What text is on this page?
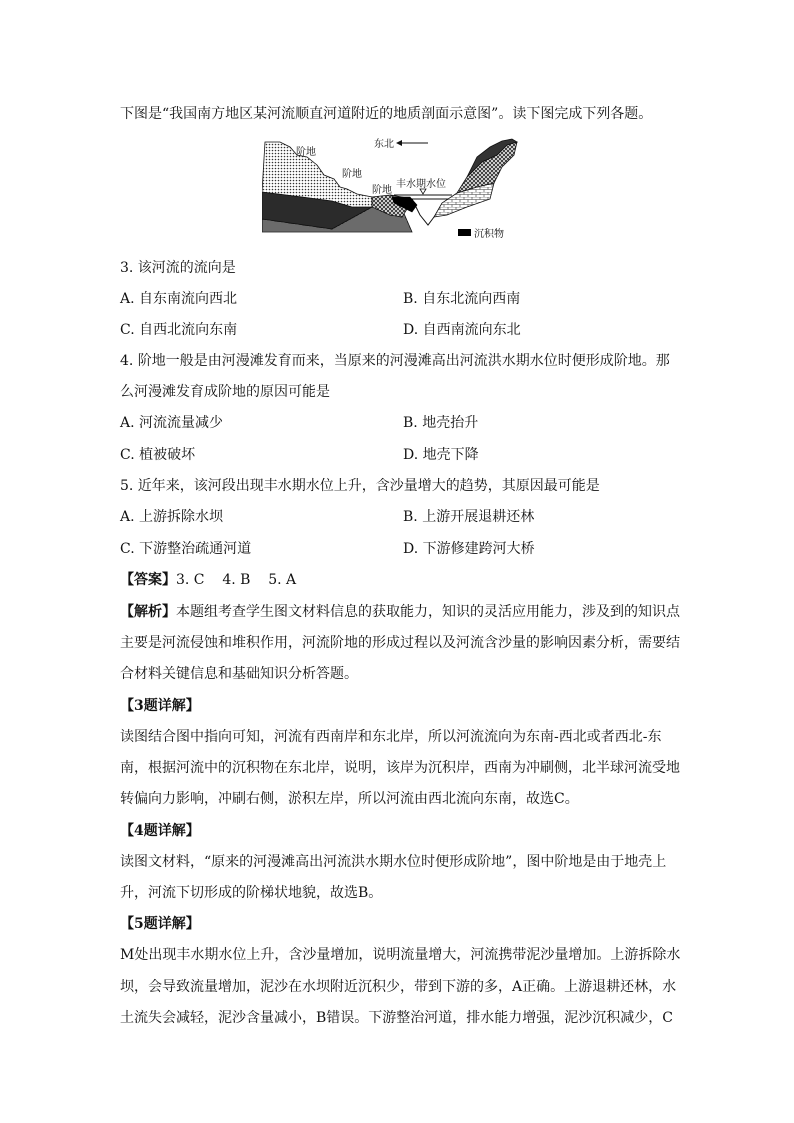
下图是“我国南方地区某河流顺直河道附近的地质剖面示意图”。读下图完成下列各题。
阶地
阶地
阶地
东北
丰水期水位
沉积物
3. 该河流的流向是
A. 自东南流向西北	B. 自东北流向西南
C. 自西北流向东南	D. 自西南流向东北
4. 阶地一般是由河漫滩发育而来，当原来的河漫滩高出河流洪水期水位时便形成阶地。那
么河漫滩发育成阶地的原因可能是
A. 河流流量减少	B. 地壳抬升
C. 植被破坏	D. 地壳下降
5. 近年来，该河段出现丰水期水位上升，含沙量增大的趋势，其原因最可能是
A. 上游拆除水坝	B. 上游开展退耕还林
C. 下游整治疏通河道	D. 下游修建跨河大桥
【答案】3. C    4. B    5. A
【解析】本题组考查学生图文材料信息的获取能力，知识的灵活应用能力，涉及到的知识点
主要是河流侵蚀和堆积作用，河流阶地的形成过程以及河流含沙量的影响因素分析，需要结
合材料关键信息和基础知识分析答题。
【3题详解】
读图结合图中指向可知，河流有西南岸和东北岸，所以河流流向为东南-西北或者西北-东
南，根据河流中的沉积物在东北岸，说明，该岸为沉积岸，西南为冲刷侧，北半球河流受地
转偏向力影响，冲刷右侧，淤积左岸，所以河流由西北流向东南，故选C。
【4题详解】
读图文材料，“原来的河漫滩高出河流洪水期水位时便形成阶地”，图中阶地是由于地壳上
升，河流下切形成的阶梯状地貌，故选B。
【5题详解】
M处出现丰水期水位上升，含沙量增加，说明流量增大，河流携带泥沙量增加。上游拆除水
坝，会导致流量增加，泥沙在水坝附近沉积少，带到下游的多，A正确。上游退耕还林，水
土流失会减轻，泥沙含量减小，B错误。下游整治河道，排水能力增强，泥沙沉积减少，C
